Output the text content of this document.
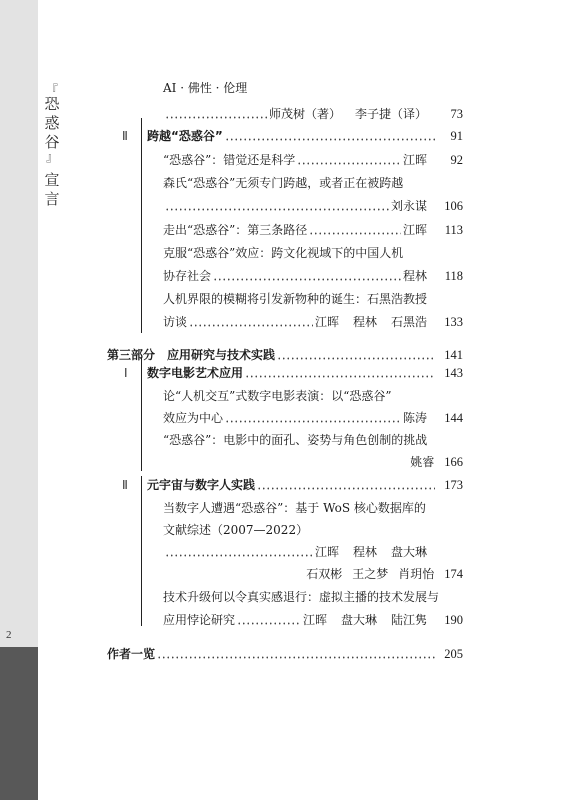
『
恐
惑
谷
』
宣
言
2
AI · 佛性 · 伦理
师茂树（著） 李子捷（译）	73
Ⅱ 跨越“恐惑谷”	91
“恐惑谷”：错觉还是科学	江晖	92
森氏“恐惑谷”无须专门跨越，或者正在被跨越
刘永谋	106
走出“恐惑谷”：第三条路径	江晖	113
克服“恐惑谷”效应：跨文化视域下的中国人机
协存社会	程林	118
人机界限的模糊将引发新物种的诞生：石黑浩教授
访谈	江晖 程林 石黑浩	133
第三部分　应用研究与技术实践	141
Ⅰ 数字电影艺术应用	143
论“人机交互”式数字电影表演：以“恐惑谷”
效应为中心	陈涛	144
“恐惑谷”：电影中的面孔、姿势与角色创制的挑战
姚睿 166
Ⅱ 元宇宙与数字人实践	173
当数字人遭遇“恐惑谷”：基于 WoS 核心数据库的
文献综述（2007—2022）
江晖 程林 盘大琳
石双彬 王之梦 肖玥怡 174
技术升级何以令真实感退行：虚拟主播的技术发展与
应用悖论研究	江晖 盘大琳 陆江隽	190
作者一览	205
